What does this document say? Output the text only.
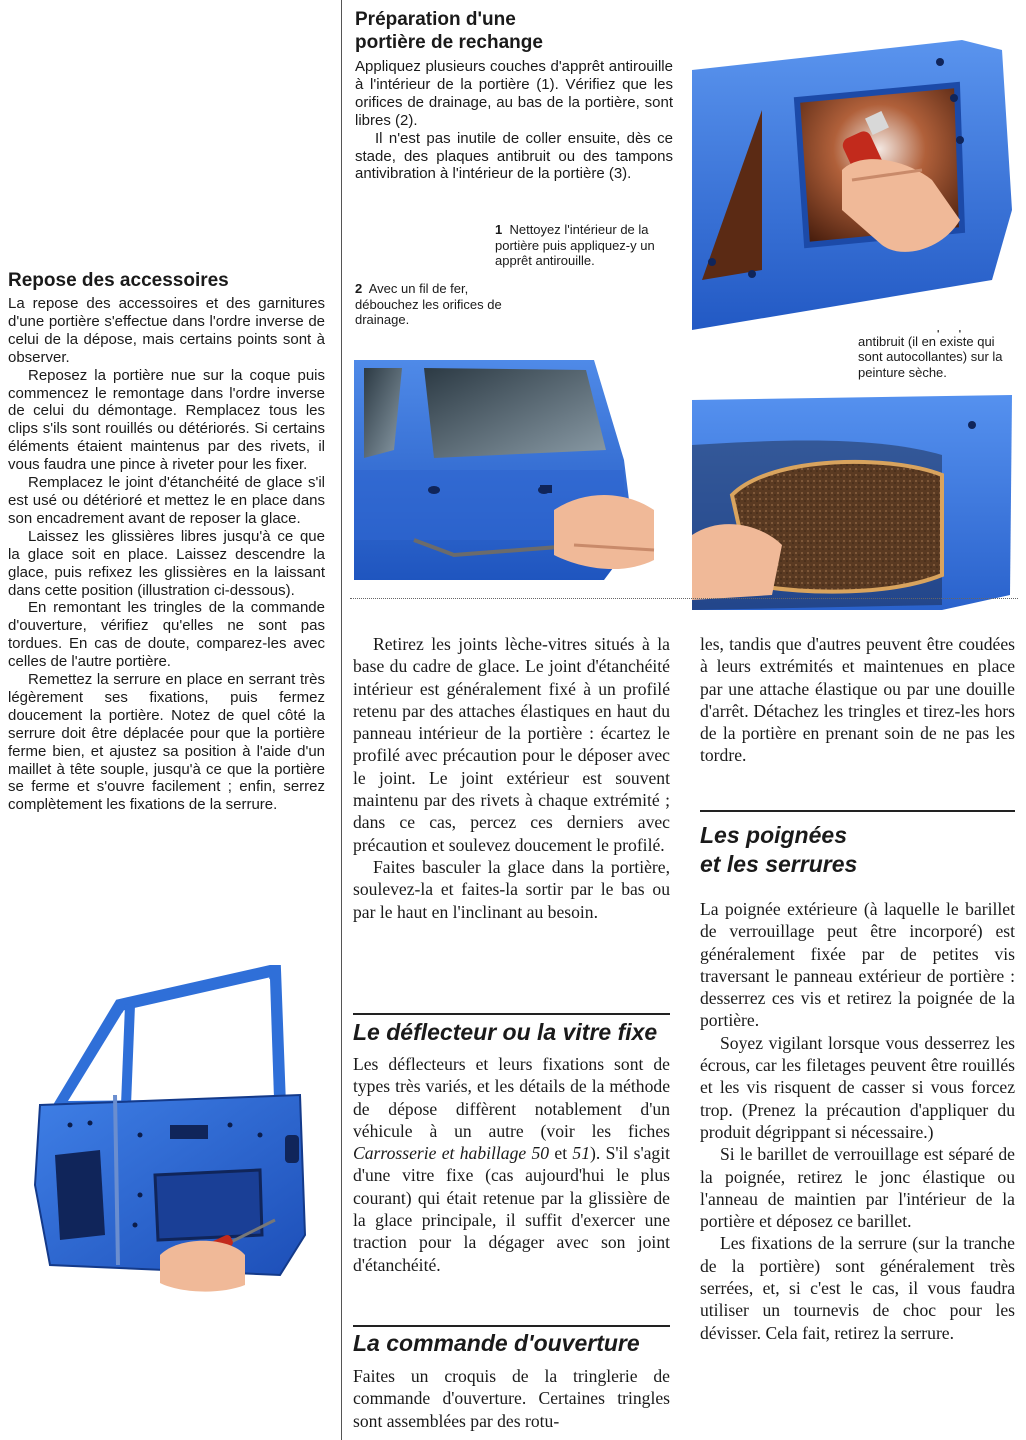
Préparation d'une
portière de rechange

Appliquez plusieurs couches d'apprêt antirouille à l'intérieur de la portière (1). Vérifiez que les orifices de drainage, au bas de la portière, sont libres (2).

Il n'est pas inutile de coller ensuite, dès ce stade, des plaques antibruit ou des tampons antivibration à l'intérieur de la portière (3).

1 Nettoyez l'intérieur de la portière puis appliquez-y un apprêt antirouille.
2 Avec un fil de fer, débouchez les orifices de drainage.
antibruit (il en existe qui sont autocollantes) sur la peinture sèche.
Repose des accessoires

La repose des accessoires et des garnitures d'une portière s'effectue dans l'ordre inverse de celui de la dépose, mais certains points sont à observer.

Reposez la portière nue sur la coque puis commencez le remontage dans l'ordre inverse de celui du démontage. Remplacez tous les clips s'ils sont rouillés ou détériorés. Si certains éléments étaient maintenus par des rivets, il vous faudra une pince à riveter pour les fixer.

Remplacez le joint d'étanchéité de glace s'il est usé ou détérioré et mettez le en place dans son encadrement avant de reposer la glace.

Laissez les glissières libres jusqu'à ce que la glace soit en place. Laissez descendre la glace, puis refixez les glissières en la laissant dans cette position (illustration ci-dessous).

En remontant les tringles de la commande d'ouverture, vérifiez qu'elles ne sont pas tordues. En cas de doute, comparez-les avec celles de l'autre portière.

Remettez la serrure en place en serrant très légèrement ses fixations, puis fermez doucement la portière. Notez de quel côté la serrure doit être déplacée pour que la portière ferme bien, et ajustez sa position à l'aide d'un maillet à tête souple, jusqu'à ce que la portière se ferme et s'ouvre facilement ; enfin, serrez complètement les fixations de la serrure.

Retirez les joints lèche-vitres situés à la base du cadre de glace. Le joint d'étanchéité intérieur est généralement fixé à un profilé retenu par des attaches élastiques en haut du panneau intérieur de la portière : écartez le profilé avec précaution pour le déposer avec le joint. Le joint extérieur est souvent maintenu par des rivets à chaque extrémité ; dans ce cas, percez ces derniers avec précaution et soulevez doucement le profilé.

Faites basculer la glace dans la portière, soulevez-la et faites-la sortir par le bas ou par le haut en l'inclinant au besoin.

Le déflecteur ou la vitre fixe

Les déflecteurs et leurs fixations sont de types très variés, et les détails de la méthode de dépose diffèrent notablement d'un véhicule à un autre (voir les fiches Carrosserie et habillage 50 et 51). S'il s'agit d'une vitre fixe (cas aujourd'hui le plus courant) qui était retenue par la glissière de la glace principale, il suffit d'exercer une traction pour la dégager avec son joint d'étanchéité.

La commande d'ouverture

Faites un croquis de la tringlerie de commande d'ouverture. Certaines tringles sont assemblées par des rotu-

les, tandis que d'autres peuvent être coudées à leurs extrémités et maintenues en place par une attache élastique ou par une douille d'arrêt. Détachez les tringles et tirez-les hors de la portière en prenant soin de ne pas les tordre.

Les poignées
et les serrures

La poignée extérieure (à laquelle le barillet de verrouillage peut être incorporé) est généralement fixée par de petites vis traversant le panneau extérieur de portière : desserrez ces vis et retirez la poignée de la portière.

Soyez vigilant lorsque vous desserrez les écrous, car les filetages peuvent être rouillés et les vis risquent de casser si vous forcez trop. (Prenez la précaution d'appliquer du produit dégrippant si nécessaire.)

Si le barillet de verrouillage est séparé de la poignée, retirez le jonc élastique ou l'anneau de maintien par l'intérieur de la portière et déposez ce barillet.

Les fixations de la serrure (sur la tranche de la portière) sont généralement très serrées, et, si c'est le cas, il vous faudra utiliser un tournevis de choc pour les dévisser. Cela fait, retirez la serrure.
